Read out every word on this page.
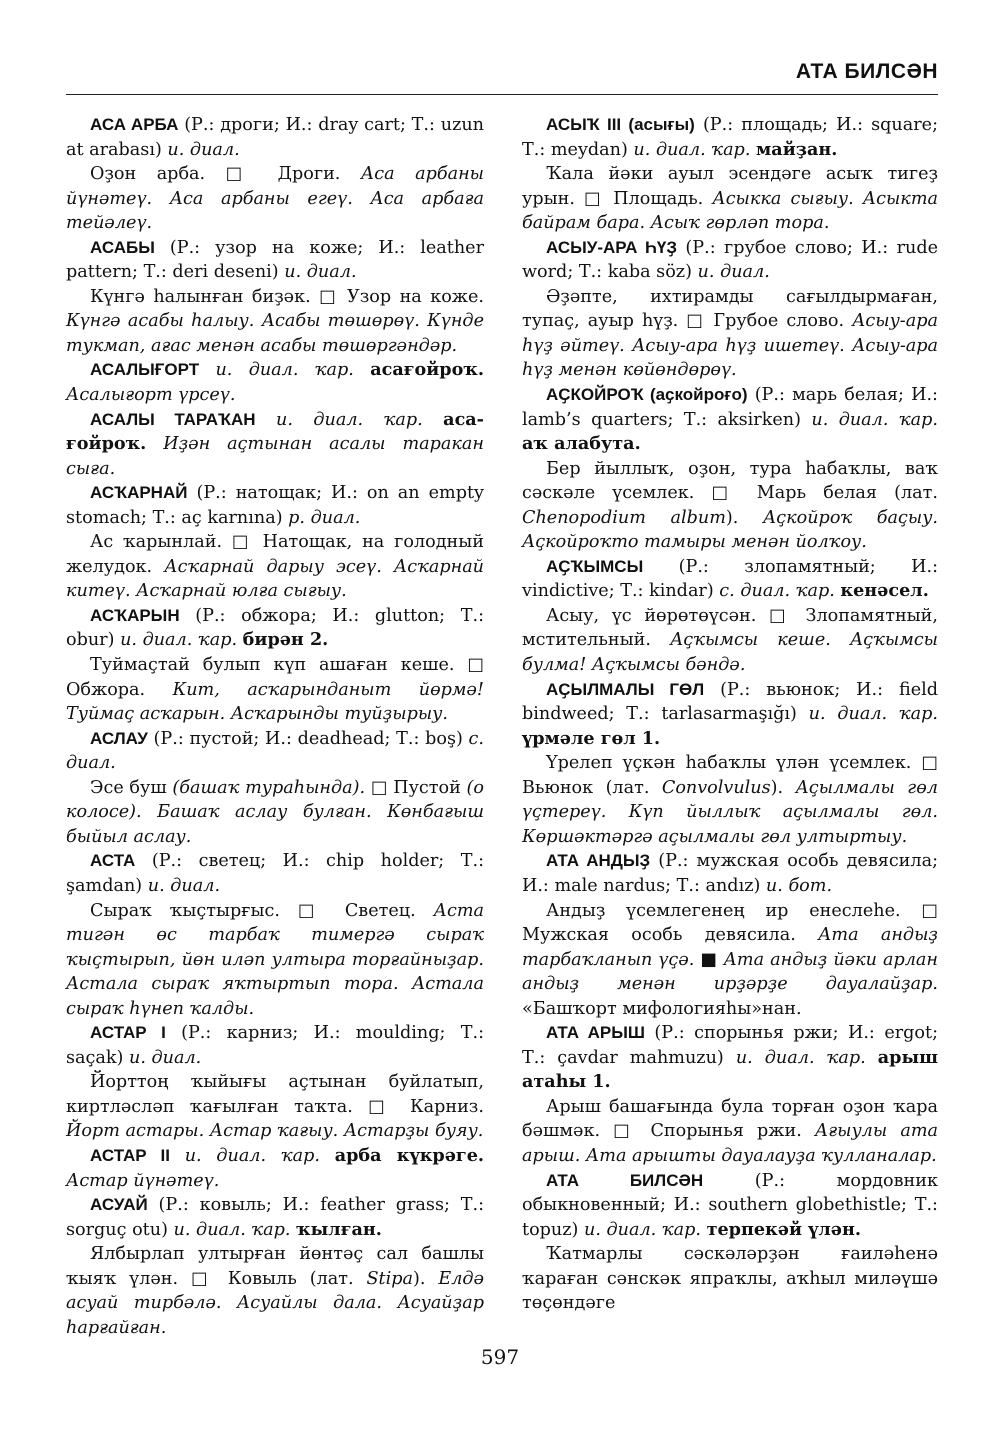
АТА БИЛСӘН

АСА АРБА (Р.: дроги; И.: dray cart; Т.: uzun at arabası) и. диал.

Оҙон арба. □ Дроги. Аса арбаны йүнәтеү. Аса арбаны егеү. Аса арбаға тейәлеү.

АСАБЫ (Р.: узор на коже; И.: leather pattern; Т.: deri deseni) и. диал.

Күнгә һалынған биҙәк. □ Узор на коже. Күнгә асабы һалыу. Асабы төшөрөү. Күнде тукмап, ағас менән асабы төшөргәндәр.

АСАЛЫҒОРТ и. диал. ҡар. асағойроҡ. Асалығорт үрсеү.

АСАЛЫ ТАРАҠАН и. диал. ҡар. аса-ғойроҡ. Иҙән аҫтынан асалы таракан сыға.

АСҠАРНАЙ (Р.: натощак; И.: on an empty stomach; Т.: aç karnına) р. диал.

Ас ҡарынлай. □ Натощак, на голодный желудок. Асҡарнай дарыу эсеү. Асҡарнай китеү. Асҡарнай юлға сығыу.

АСҠАРЫН (Р.: обжора; И.: glutton; Т.: obur) и. диал. ҡар. бирән 2.

Туймаҫтай булып күп ашаған кеше. □ Обжора. Кит, асҡарынданыт йөрмә! Туймаҫ асҡарын. Асҡарынды туйҙырыу.

АСЛАУ (Р.: пустой; И.: deadhead; Т.: boş) с. диал.

Эсе буш (башаҡ тураһында). □ Пустой (о колосе). Башаҡ аслау булған. Көнбағыш быйыл аслау.

АСТА (Р.: светец; И.: chip holder; Т.: şamdan) и. диал.

Сыраҡ ҡыҫтырғыс. □ Светец. Аста тигән өс тарбаҡ тимергә сыраҡ ҡыҫтырып, йөн иләп ултыра торғайныҙар. Астала сыраҡ яҡтыртып тора. Астала сыраҡ һүнеп ҡалды.

АСТАР I (Р.: карниз; И.: moulding; Т.: saçak) и. диал.

Йорттоң ҡыйығы аҫтынан буйлатып, киртләсләп ҡағылған таҡта. □ Карниз. Йорт астары. Астар ҡағыу. Астарҙы буяу.

АСТАР II и. диал. ҡар. арба күкрәге. Астар йүнәтеү.

АСУАЙ (Р.: ковыль; И.: feather grass; Т.: sorguç otu) и. диал. ҡар. ҡылған.

Ялбырлап ултырған йөнтәҫ сал башлы ҡыяҡ үлән. □ Ковыль (лат. Stipa). Елдә асуай тирбәлә. Асуайлы дала. Асуайҙар һарғайған.

АСЫҠ III (асығы) (Р.: площадь; И.: square; Т.: meydan) и. диал. ҡар. майҙан.

Ҡала йәки ауыл эсендәге асыҡ тигеҙ урын. □ Площадь. Асыкка сығыу. Асыкта байрам бара. Асыҡ гөрләп тора.

АСЫУ-АРА ҺҮҘ (Р.: грубое слово; И.: rude word; Т.: kaba söz) и. диал.

Әҙәпте, ихтирамды сағылдырмаған, тупаҫ, ауыр һүҙ. □ Грубое слово. Асыу-ара һүҙ әйтеү. Асыу-ара һүҙ ишетеү. Асыу-ара һүҙ менән көйөндөрөү.

АҪКОЙРОҠ (аҫкойроғо) (Р.: марь белая; И.: lamb’s quarters; Т.: aksirken) и. диал. ҡар. аҡ алабута.

Бер йыллыҡ, оҙон, тура һабаҡлы, ваҡ сәскәле үсемлек. □ Марь белая (лат. Chenopodium album). Аҫкойроҡ баҫыу. Аҫкойроҡто тамыры менән йолҡоу.

АҪҠЫМСЫ (Р.: злопамятный; И.: vindictive; Т.: kindar) с. диал. ҡар. кенәсел.

Асыу, үс йөрөтөүсән. □ Злопамятный, мстительный. Аҫҡымсы кеше. Аҫҡымсы булма! Аҫҡымсы бәндә.

АҪЫЛМАЛЫ ГӨЛ (Р.: вьюнок; И.: field bindweed; Т.: tarlasarmaşığı) и. диал. ҡар. үрмәле гөл 1.

Үрелеп үҫкән һабаҡлы үлән үсемлек. □ Вьюнок (лат. Convolvulus). Аҫылмалы гөл үҫтереү. Күп йыллыҡ аҫылмалы гөл. Көршәктәргә аҫылмалы гөл ултыртыу.

АТА АНДЫҘ (Р.: мужская особь девясила; И.: male nardus; Т.: andız) и. бот.

Андыҙ үсемлегенең ир енеслеһе. □ Мужская особь девясила. Ата андыҙ тарбаҡланып үҫә. ■ Ата андыҙ йәки арлан андыҙ менән ирҙәрҙе дауалайҙар. «Башҡорт мифологияһы»нан.

АТА АРЫШ (Р.: спорынья ржи; И.: ergot; Т.: çavdar mahmuzu) и. диал. ҡар. арыш атаһы 1.

Арыш башағында була торған оҙон ҡара бәшмәк. □ Спорынья ржи. Ағыулы ата арыш. Ата арышты дауалауҙа ҡулланалар.

АТА БИЛСӘН (Р.: мордовник обыкновенный; И.: southern globethistle; Т.: topuz) и. диал. ҡар. терпекәй үлән.

Ҡатмарлы сәскәләрҙән ғаиләһенә ҡараған сәнскәк япраҡлы, аҡһыл миләүшә төҫөндәге

597
